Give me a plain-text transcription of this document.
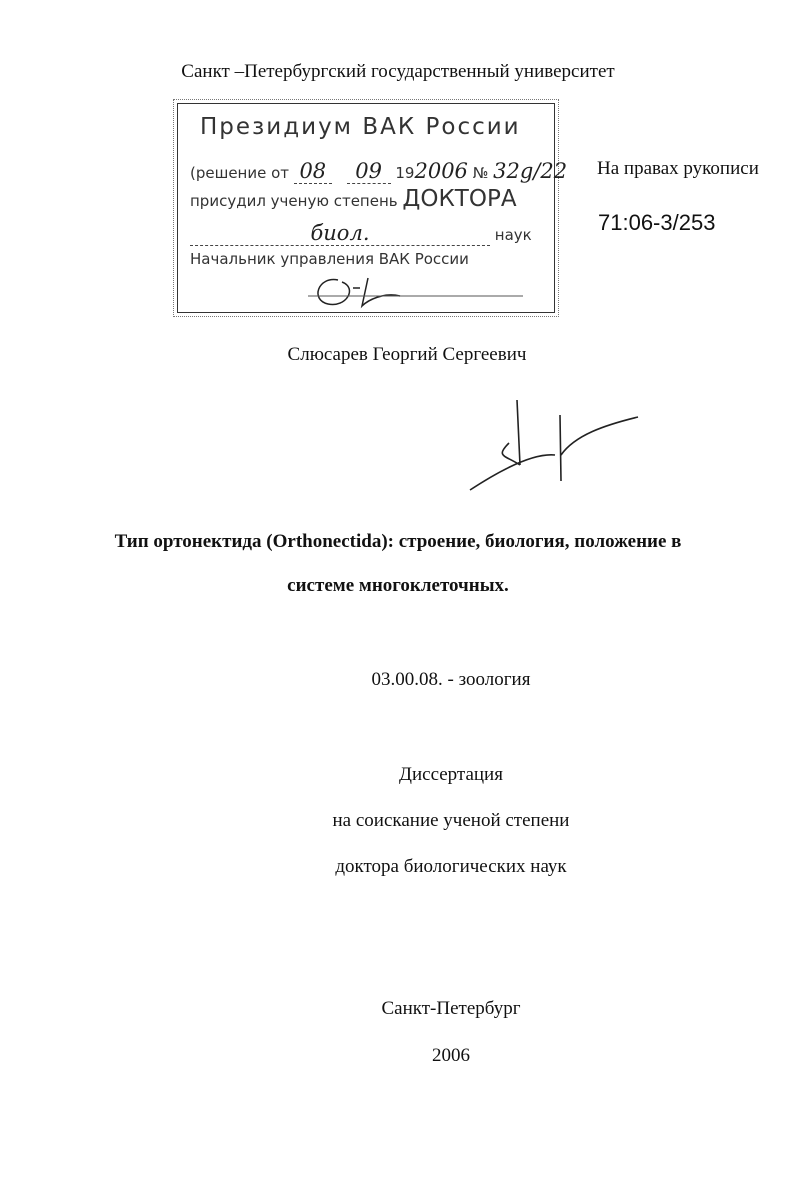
Санкт –Петербургский государственный университет
Президиум ВАК России
(решение от 08 09 192006 № 32g/22
присудил ученую степень ДОКТОРА
биол.	наук
Начальник управления ВАК России
На правах рукописи
71:06-3/253
Слюсарев Георгий Сергеевич
Тип ортонектида (Orthonectida): строение, биология, положение в
системе многоклеточных.
03.00.08. - зоология
Диссертация
на соискание ученой степени
доктора биологических наук
Санкт-Петербург
2006
